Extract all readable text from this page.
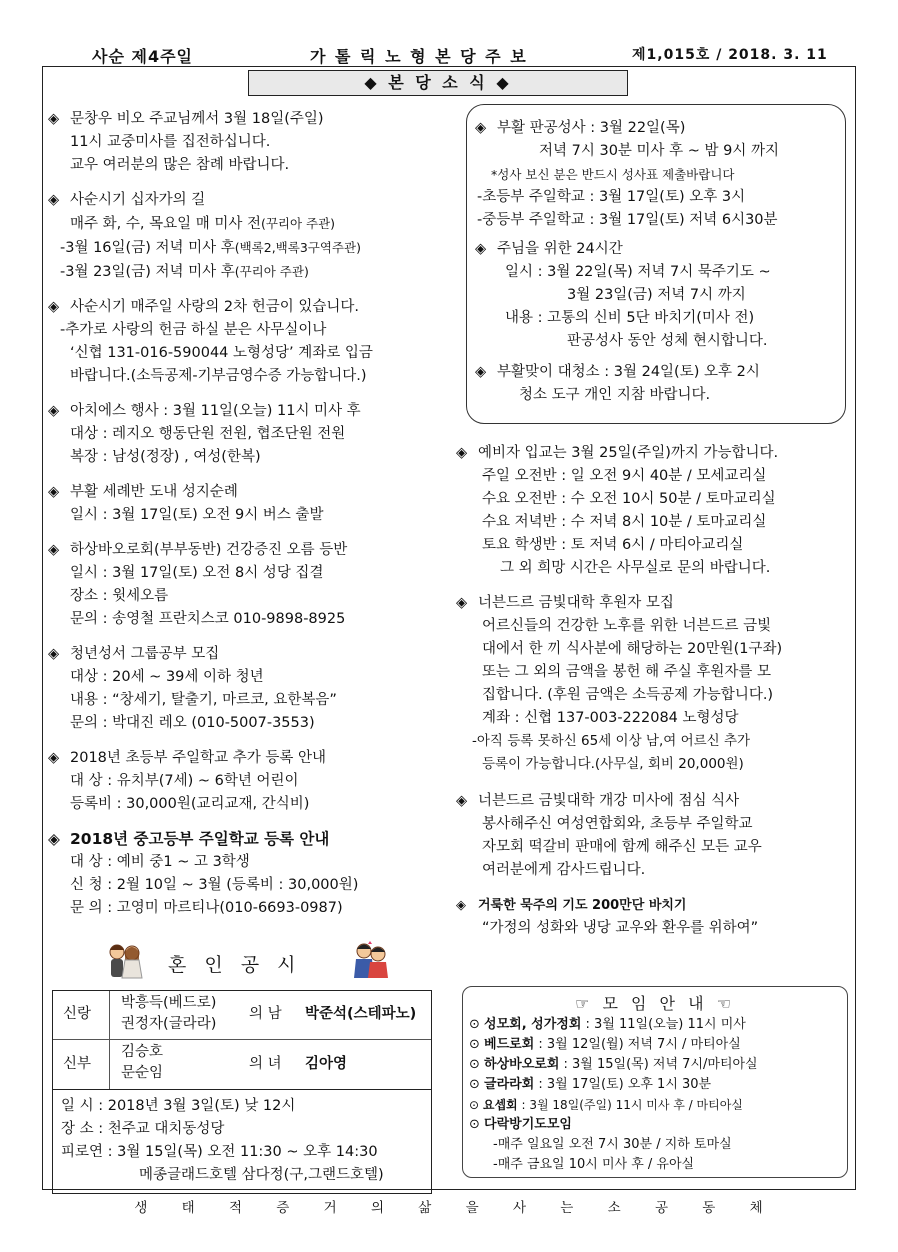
사순 제4주일	가 톨 릭 노 형 본 당 주 보	제1,015호 / 2018. 3. 11
◆ 본 당 소 식 ◆
◈ 문창우 비오 주교님께서 3월 18일(주일)
11시 교중미사를 집전하십니다.
교우 여러분의 많은 참례 바랍니다.
◈ 사순시기 십자가의 길
매주 화, 수, 목요일 매 미사 전(꾸리아 주관)
-3월 16일(금) 저녁 미사 후(백록2,백록3구역주관)
-3월 23일(금) 저녁 미사 후(꾸리아 주관)
◈ 사순시기 매주일 사랑의 2차 헌금이 있습니다.
-추가로 사랑의 헌금 하실 분은 사무실이나
‘신협 131-016-590044 노형성당’ 계좌로 입금
바랍니다.(소득공제-기부금영수증 가능합니다.)
◈ 아치에스 행사 : 3월 11일(오늘) 11시 미사 후
대상 : 레지오 행동단원 전원, 협조단원 전원
복장 : 남성(정장) , 여성(한복)
◈ 부활 세례반 도내 성지순례
일시 : 3월 17일(토) 오전 9시 버스 출발
◈ 하상바오로회(부부동반) 건강증진 오름 등반
일시 : 3월 17일(토) 오전 8시 성당 집결
장소 : 윗세오름
문의 : 송영철 프란치스코 010-9898-8925
◈ 청년성서 그룹공부 모집
대상 : 20세 ~ 39세 이하 청년
내용 : “창세기, 탈출기, 마르코, 요한복음”
문의 : 박대진 레오 (010-5007-3553)
◈ 2018년 초등부 주일학교 추가 등록 안내
대 상 : 유치부(7세) ~ 6학년 어린이
등록비 : 30,000원(교리교재, 간식비)
◈ 2018년 중고등부 주일학교 등록 안내
대 상 : 예비 중1 ~ 고 3학생
신 청 : 2월 10일 ~ 3월 (등록비 : 30,000원)
문 의 : 고영미 마르티나(010-6693-0987)
◈ 부활 판공성사 : 3월 22일(목)
저녁 7시 30분 미사 후 ~ 밤 9시 까지
*성사 보신 분은 반드시 성사표 제출바랍니다
-초등부 주일학교 : 3월 17일(토) 오후 3시
-중등부 주일학교 : 3월 17일(토) 저녁 6시30분
◈ 주님을 위한 24시간
일시 : 3월 22일(목) 저녁 7시 묵주기도 ~
3월 23일(금) 저녁 7시 까지
내용 : 고통의 신비 5단 바치기(미사 전)
판공성사 동안 성체 현시합니다.
◈ 부활맞이 대청소 : 3월 24일(토) 오후 2시
청소 도구 개인 지참 바랍니다.
◈ 예비자 입교는 3월 25일(주일)까지 가능합니다.
주일 오전반 : 일 오전 9시 40분 / 모세교리실
수요 오전반 : 수 오전 10시 50분 / 토마교리실
수요 저녁반 : 수 저녁 8시 10분 / 토마교리실
토요 학생반 : 토 저녁 6시 / 마티아교리실
그 외 희망 시간은 사무실로 문의 바랍니다.
◈ 너븐드르 금빛대학 후원자 모집
어르신들의 건강한 노후를 위한 너븐드르 금빛
대에서 한 끼 식사분에 해당하는 20만원(1구좌)
또는 그 외의 금액을 봉헌 해 주실 후원자를 모
집합니다. (후원 금액은 소득공제 가능합니다.)
계좌 : 신협 137-003-222084 노형성당
-아직 등록 못하신 65세 이상 남,여 어르신 추가
등록이 가능합니다.(사무실, 회비 20,000원)
◈ 너븐드르 금빛대학 개강 미사에 점심 식사
봉사해주신 여성연합회와, 초등부 주일학교
자모회 떡갈비 판매에 함께 해주신 모든 교우
여러분에게 감사드립니다.
◈ 거룩한 묵주의 기도 200만단 바치기
“가정의 성화와 냉당 교우와 환우를 위하여”
혼 인 공 시
신랑
박흥득(베드로)
권정자(글라라)
의 남 박준석(스테파노)
신부
김승호
문순임
의 녀 김아영
일 시 : 2018년 3월 3일(토) 낮 12시
장 소 : 천주교 대치동성당
피로연 : 3월 15일(목) 오전 11:30 ~ 오후 14:30
메종글래드호텔 삼다정(구,그랜드호텔)
☞ 모 임 안 내 ☜
⊙ 성모회, 성가정회 : 3월 11일(오늘) 11시 미사
⊙ 베드로회 : 3월 12일(월) 저녁 7시 / 마티아실
⊙ 하상바오로회 : 3월 15일(목) 저녁 7시/마티아실
⊙ 글라라회 : 3월 17일(토) 오후 1시 30분
⊙ 요셉회 : 3월 18일(주일) 11시 미사 후 / 마티아실
⊙ 다락방기도모임
-매주 일요일 오전 7시 30분 / 지하 토마실
-매주 금요일 10시 미사 후 / 유아실
생 태 적 증 거 의 삶 을 사 는 소 공 동 체
